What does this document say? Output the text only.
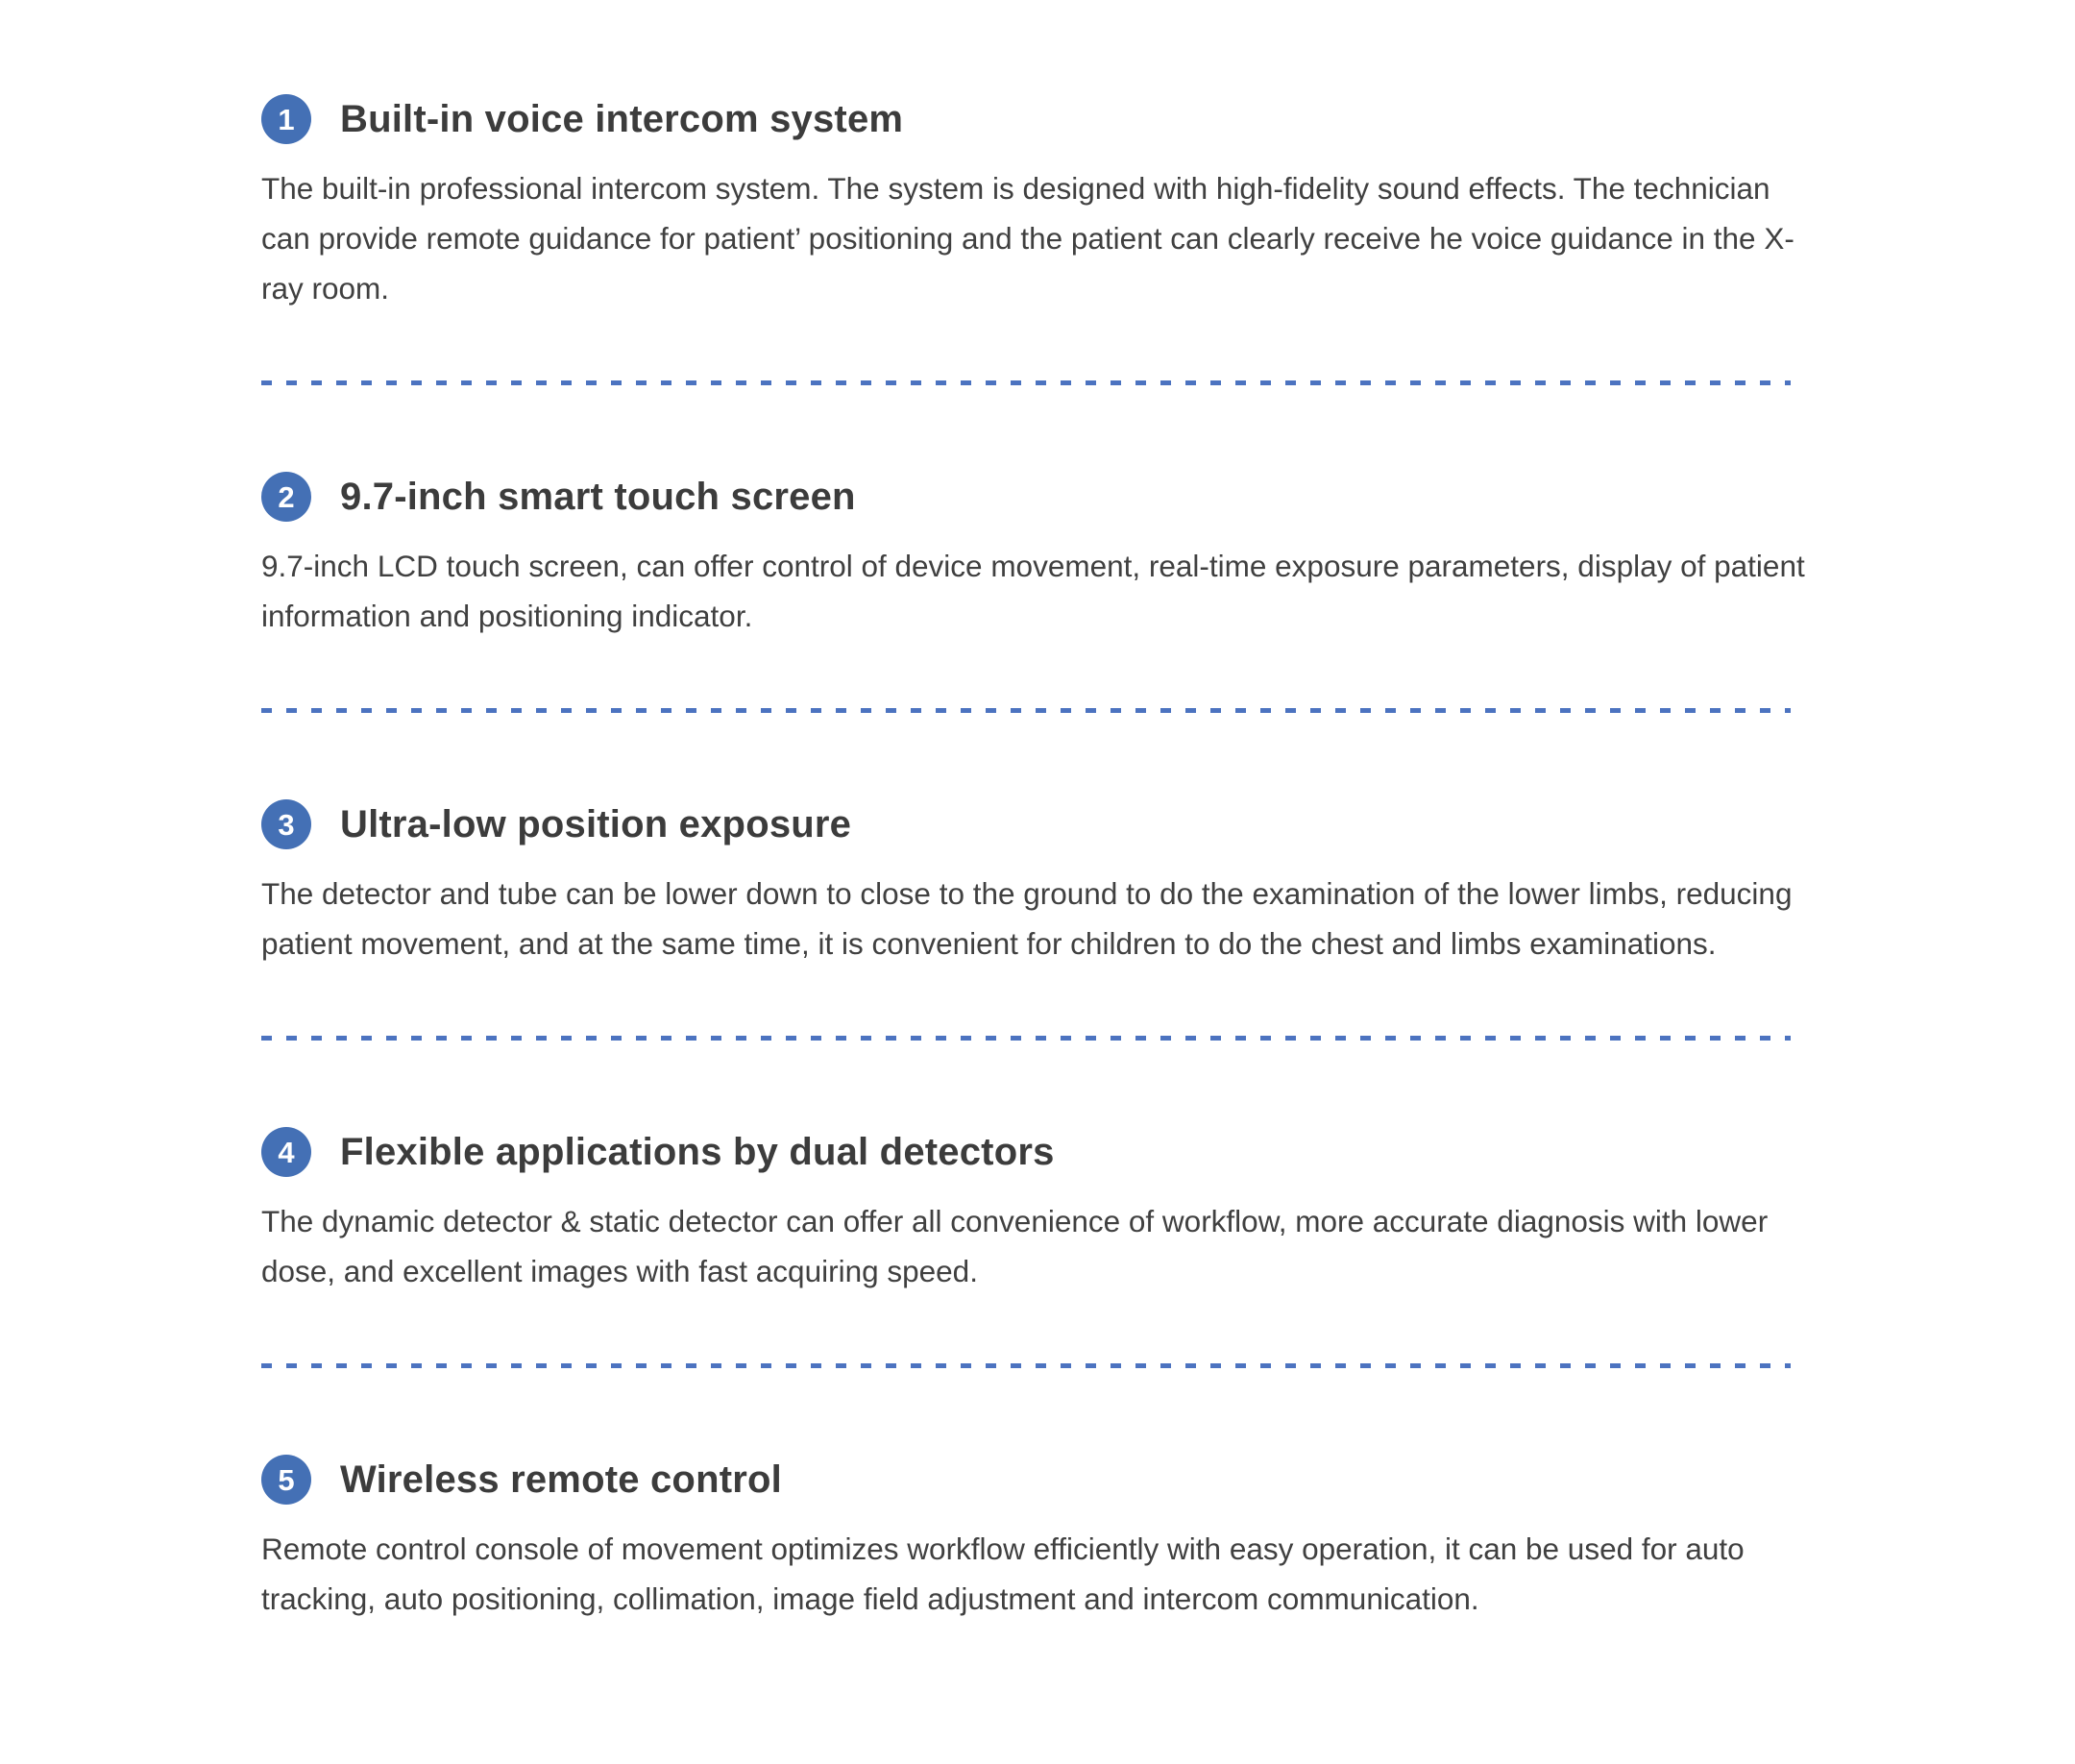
1	Built-in voice intercom system

The built-in professional intercom system. The system is designed with high-fidelity sound effects. The technician can provide remote guidance for patient’ positioning and the patient can clearly receive he voice guidance in the X-ray room.

2	9.7-inch smart touch screen

9.7-inch LCD touch screen, can offer control of device movement, real-time exposure parameters, display of patient information and positioning indicator.

3	Ultra-low position exposure

The detector and tube can be lower down to close to the ground to do the examination of the lower limbs, reducing patient movement, and at the same time, it is convenient for children to do the chest and limbs examinations.

4	Flexible applications by dual detectors

The dynamic detector & static detector can offer all convenience of workflow, more accurate diagnosis with lower dose, and excellent images with fast acquiring speed.

5	Wireless remote control

Remote control console of movement optimizes workflow efficiently with easy operation, it can be used for auto tracking, auto positioning, collimation, image field adjustment and intercom communication.
